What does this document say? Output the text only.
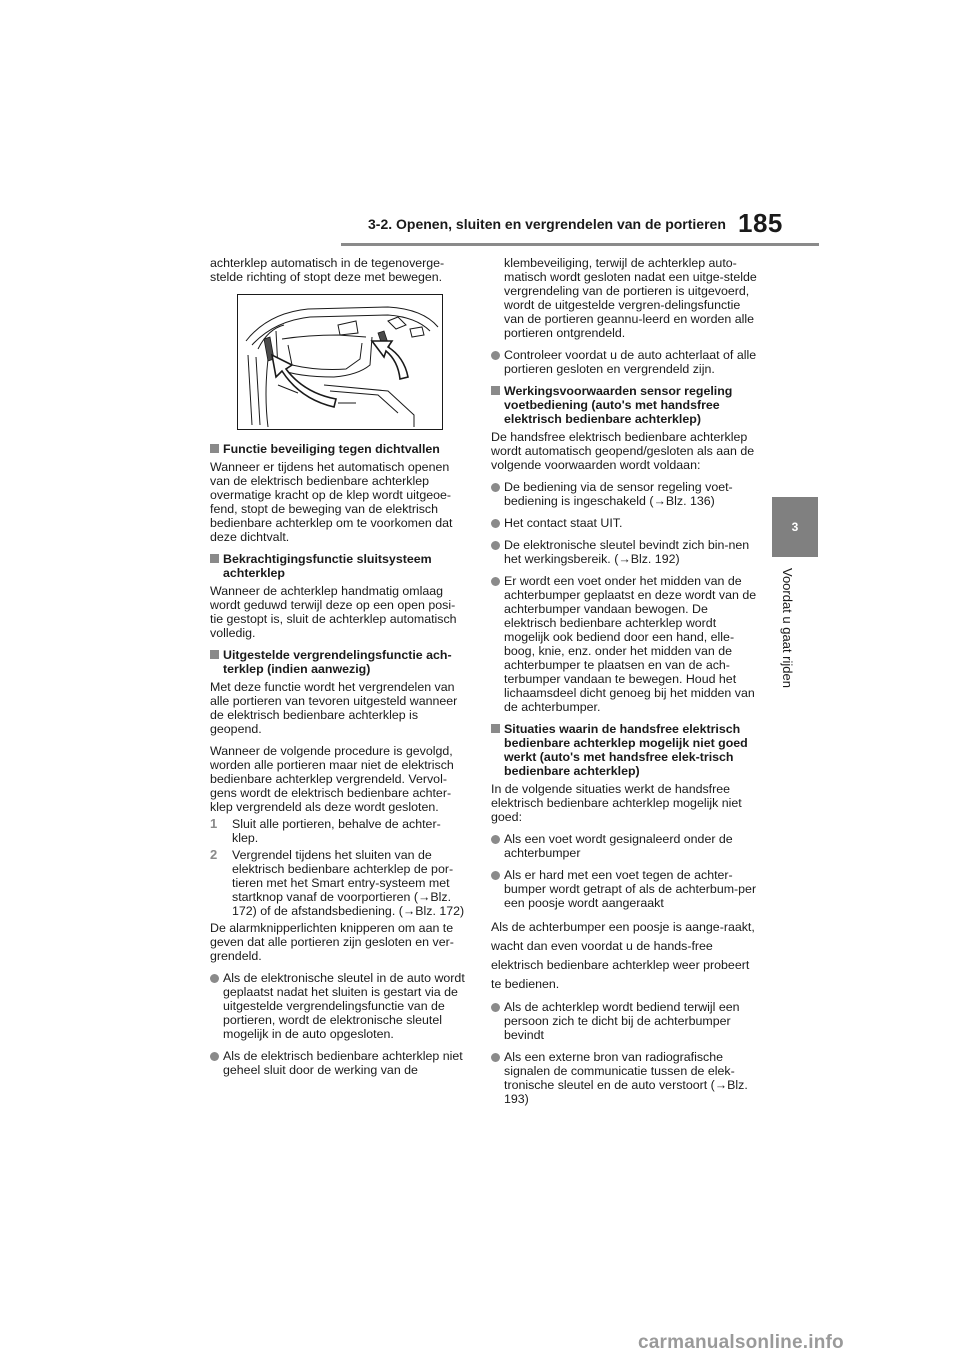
185
3-2. Openen, sluiten en vergrendelen van de portieren
3
Voordat u gaat rijden

achterklep automatisch in de tegenoverge-stelde richting of stopt deze met bewegen.

Functie beveiliging tegen dichtvallen

Wanneer er tijdens het automatisch openen van de elektrisch bedienbare achterklep overmatige kracht op de klep wordt uitgeoe-fend, stopt de beweging van de elektrisch bedienbare achterklep om te voorkomen dat deze dichtvalt.

Bekrachtigingsfunctie sluitsysteem achterklep

Wanneer de achterklep handmatig omlaag wordt geduwd terwijl deze op een open posi-tie gestopt is, sluit de achterklep automatisch volledig.

Uitgestelde vergrendelingsfunctie ach-terklep (indien aanwezig)

Met deze functie wordt het vergrendelen van alle portieren van tevoren uitgesteld wanneer de elektrisch bedienbare achterklep is geopend.

Wanneer de volgende procedure is gevolgd, worden alle portieren maar niet de elektrisch bedienbare achterklep vergrendeld. Vervol-gens wordt de elektrisch bedienbare achter-klep vergrendeld als deze wordt gesloten.

1 Sluit alle portieren, behalve de achter-klep.
2 Vergrendel tijdens het sluiten van de elektrisch bedienbare achterklep de por-tieren met het Smart entry-systeem met startknop vanaf de voorportieren (→Blz. 172) of de afstandsbediening. (→Blz. 172)

De alarmknipperlichten knipperen om aan te geven dat alle portieren zijn gesloten en ver-grendeld.

Als de elektronische sleutel in de auto wordt geplaatst nadat het sluiten is gestart via de uitgestelde vergrendelingsfunctie van de portieren, wordt de elektronische sleutel mogelijk in de auto opgesloten.
Als de elektrisch bedienbare achterklep niet geheel sluit door de werking van de

klembeveiliging, terwijl de achterklep auto-matisch wordt gesloten nadat een uitge-stelde vergrendeling van de portieren is uitgevoerd, wordt de uitgestelde vergren-delingsfunctie van de portieren geannu-leerd en worden alle portieren ontgrendeld.

Controleer voordat u de auto achterlaat of alle portieren gesloten en vergrendeld zijn.
Werkingsvoorwaarden sensor regeling voetbediening (auto's met handsfree elektrisch bedienbare achterklep)

De handsfree elektrisch bedienbare achterklep wordt automatisch geopend/gesloten als aan de volgende voorwaarden wordt voldaan:

De bediening via de sensor regeling voet-bediening is ingeschakeld (→Blz. 136)
Het contact staat UIT.
De elektronische sleutel bevindt zich bin-nen het werkingsbereik. (→Blz. 192)
Er wordt een voet onder het midden van de achterbumper geplaatst en deze wordt van de achterbumper vandaan bewogen. De elektrisch bedienbare achterklep wordt mogelijk ook bediend door een hand, elle-boog, knie, enz. onder het midden van de achterbumper te plaatsen en van de ach-terbumper vandaan te bewegen. Houd het lichaamsdeel dicht genoeg bij het midden van de achterbumper.
Situaties waarin de handsfree elektrisch bedienbare achterklep mogelijk niet goed werkt (auto's met handsfree elek-trisch bedienbare achterklep)

In de volgende situaties werkt de handsfree elektrisch bedienbare achterklep mogelijk niet goed:

Als een voet wordt gesignaleerd onder de achterbumper
Als er hard met een voet tegen de achter-bumper wordt getrapt of als de achterbum-per een poosje wordt aangeraakt

Als de achterbumper een poosje is aange-raakt, wacht dan even voordat u de hands-free elektrisch bedienbare achterklep weer probeert te bedienen.

Als de achterklep wordt bediend terwijl een persoon zich te dicht bij de achterbumper bevindt
Als een externe bron van radiografische signalen de communicatie tussen de elek-tronische sleutel en de auto verstoort (→Blz. 193)
carmanualsonline.info
